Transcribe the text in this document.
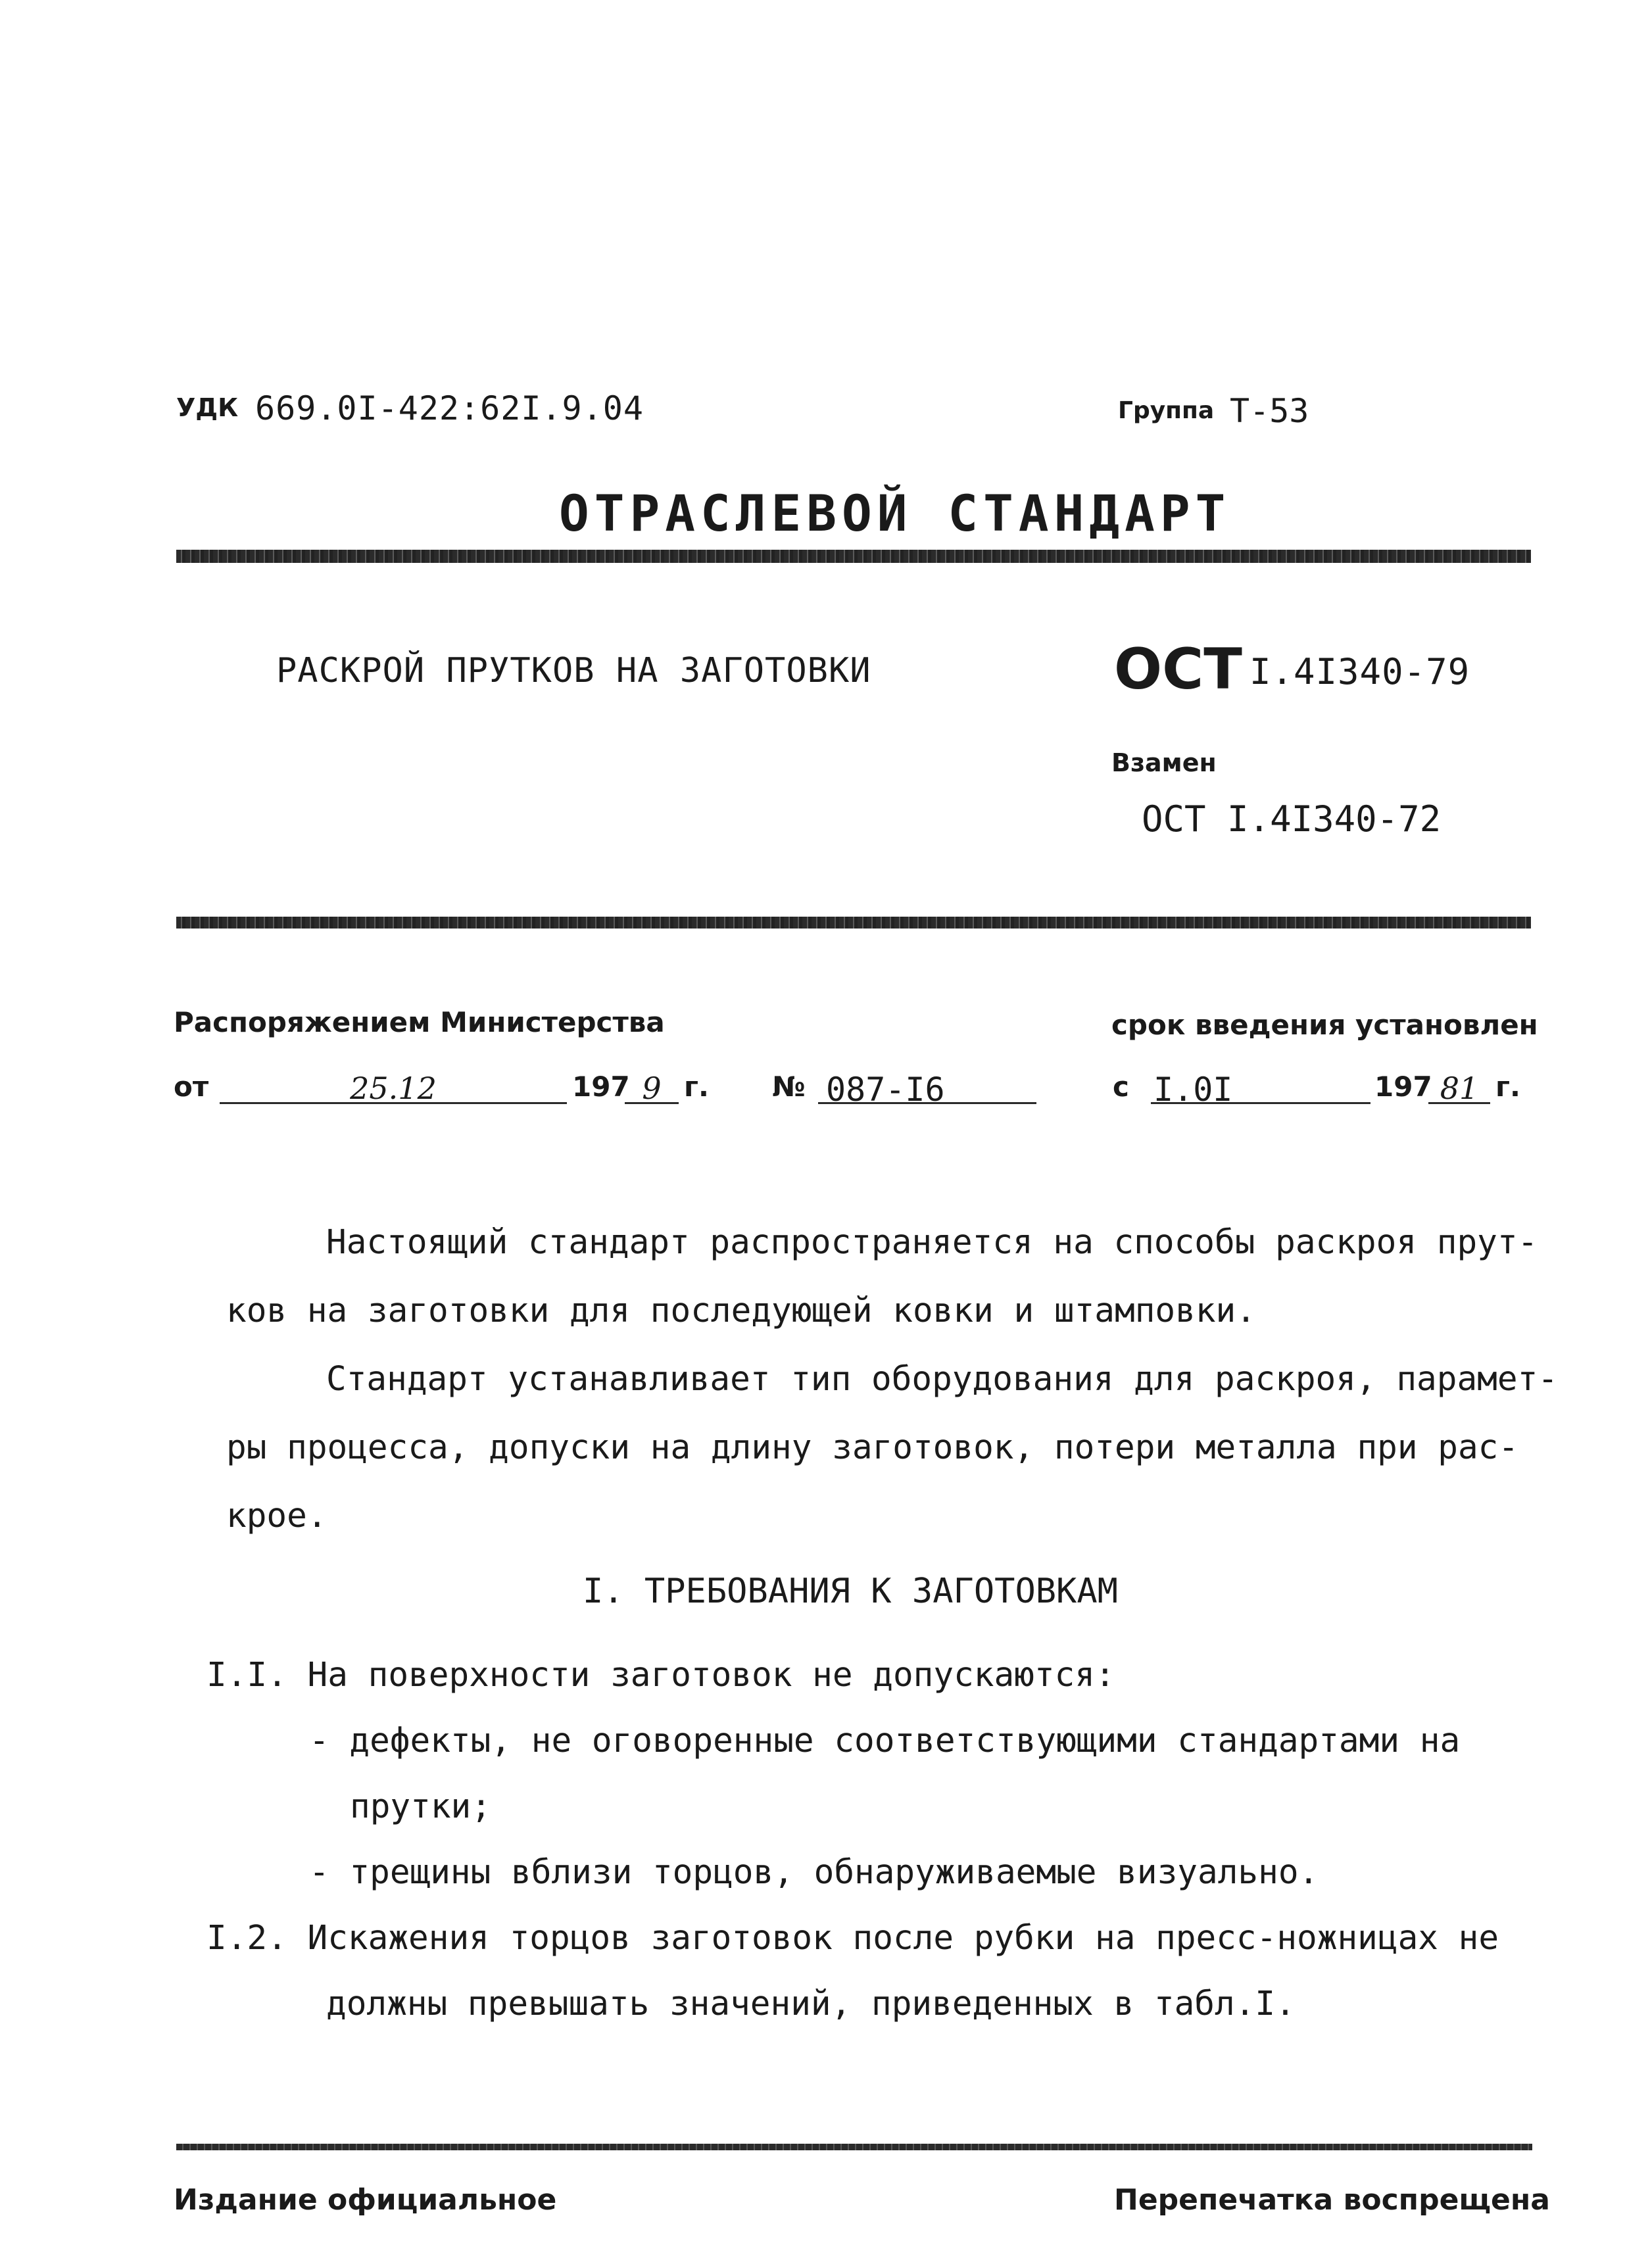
УДК 669.0I-422:62I.9.04	Группа Т-53
ОТРАСЛЕВОЙ СТАНДАРТ
РАСКРОЙ ПРУТКОВ НА ЗАГОТОВКИ	ОСТ I.4I340-79
Взамен
ОСТ I.4I340-72
Распоряжением Министерства	срок введения установлен
от	25.12	197 9 г. № 087-I6	с I.0I	197 81 г.
Настоящий стандарт распространяется на способы раскроя прут-
ков на заготовки для последующей ковки и штамповки.
Стандарт устанавливает тип оборудования для раскроя, парамет-
ры процесса, допуски на длину заготовок, потери металла при рас-
крое.
I. ТРЕБОВАНИЯ К ЗАГОТОВКАМ
I.I. На поверхности заготовок не допускаются:
- дефекты, не оговоренные соответствующими стандартами на
прутки;
- трещины вблизи торцов, обнаруживаемые визуально.
I.2. Искажения торцов заготовок после рубки на пресс-ножницах не
должны превышать значений, приведенных в табл.I.
Издание официальное	Перепечатка воспрещена
